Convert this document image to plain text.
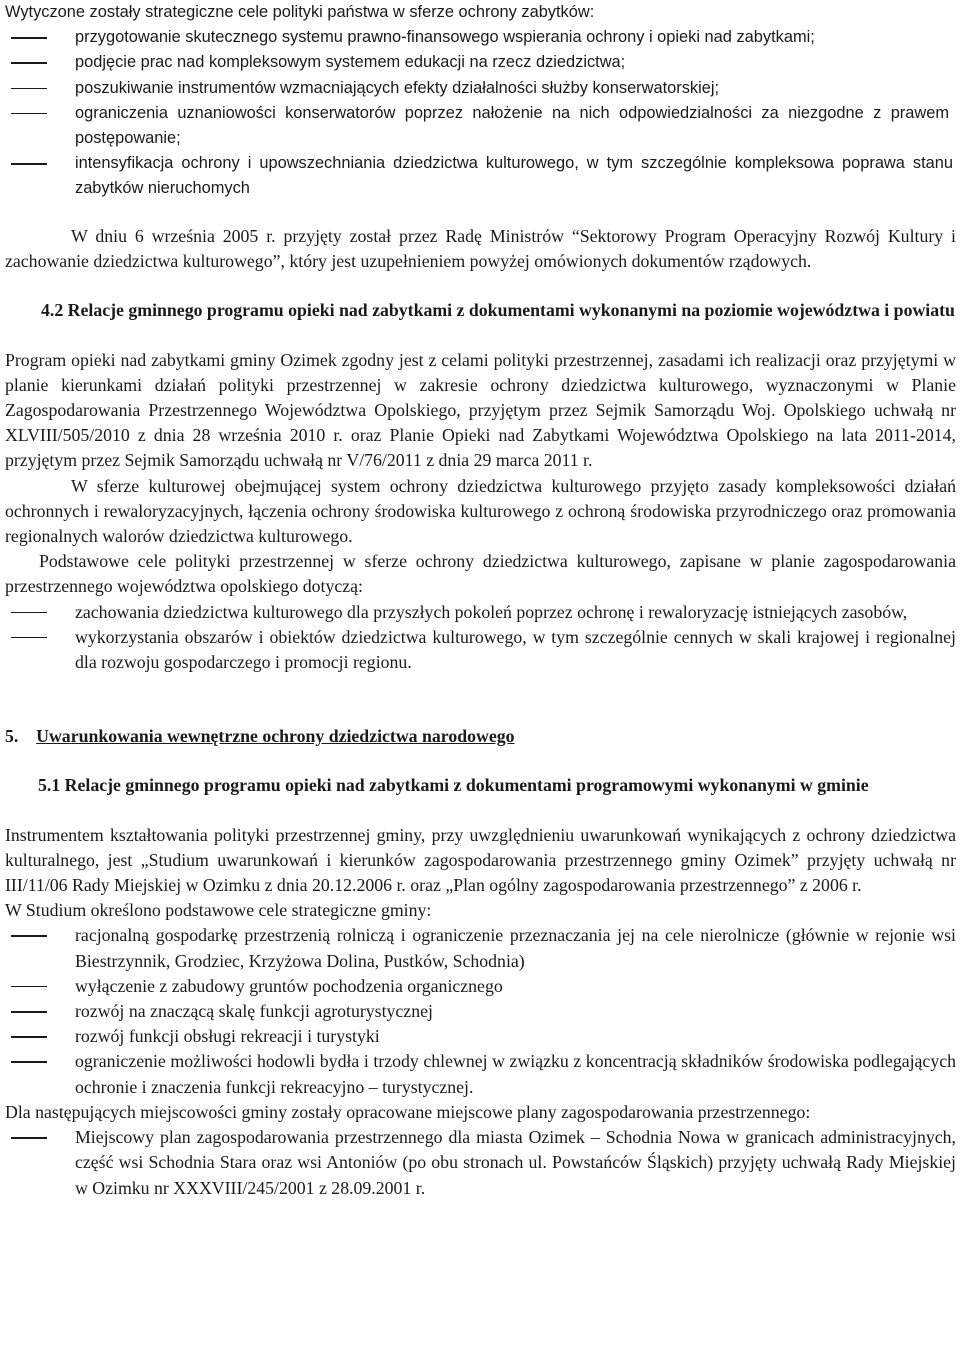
Wytyczone zostały strategiczne cele polityki państwa w sferze ochrony zabytków:

przygotowanie skutecznego systemu prawno-finansowego wspierania ochrony i opieki nad zabytkami;
podjęcie prac nad kompleksowym systemem edukacji na rzecz dziedzictwa;
poszukiwanie instrumentów wzmacniających efekty działalności służby konserwatorskiej;
ograniczenia uznaniowości konserwatorów poprzez nałożenie na nich odpowiedzialności za niezgodne z prawem postępowanie;
intensyfikacja ochrony i upowszechniania dziedzictwa kulturowego, w tym szczególnie kompleksowa poprawa stanu zabytków nieruchomych

W dniu 6 września 2005 r. przyjęty został przez Radę Ministrów “Sektorowy Program Operacyjny Rozwój Kultury i zachowanie dziedzictwa kulturowego”, który jest uzupełnieniem powyżej omówionych dokumentów rządowych.

4.2 Relacje gminnego programu opieki nad zabytkami z dokumentami wykonanymi na poziomie województwa i powiatu

Program opieki nad zabytkami gminy Ozimek zgodny jest z celami polityki przestrzennej, zasadami ich realizacji oraz przyjętymi w planie kierunkami działań polityki przestrzennej w zakresie ochrony dziedzictwa kulturowego, wyznaczonymi w Planie Zagospodarowania Przestrzennego Województwa Opolskiego, przyjętym przez Sejmik Samorządu Woj. Opolskiego uchwałą nr XLVIII/505/2010 z dnia 28 września 2010 r. oraz Planie Opieki nad Zabytkami Województwa Opolskiego na lata 2011-2014, przyjętym przez Sejmik Samorządu uchwałą nr V/76/2011 z dnia 29 marca 2011 r.

W sferze kulturowej obejmującej system ochrony dziedzictwa kulturowego przyjęto zasady kompleksowości działań ochronnych i rewaloryzacyjnych, łączenia ochrony środowiska kulturowego z ochroną środowiska przyrodniczego oraz promowania regionalnych walorów dziedzictwa kulturowego.

Podstawowe cele polityki przestrzennej w sferze ochrony dziedzictwa kulturowego, zapisane w planie zagospodarowania przestrzennego województwa opolskiego dotyczą:

zachowania dziedzictwa kulturowego dla przyszłych pokoleń poprzez ochronę i rewaloryzację istniejących zasobów,
wykorzystania obszarów i obiektów dziedzictwa kulturowego, w tym szczególnie cennych w skali krajowej i regionalnej dla rozwoju gospodarczego i promocji regionu.

5. Uwarunkowania wewnętrzne ochrony dziedzictwa narodowego

5.1 Relacje gminnego programu opieki nad zabytkami z dokumentami programowymi wykonanymi w gminie

Instrumentem kształtowania polityki przestrzennej gminy, przy uwzględnieniu uwarunkowań wynikających z ochrony dziedzictwa kulturalnego, jest „Studium uwarunkowań i kierunków zagospodarowania przestrzennego gminy Ozimek” przyjęty uchwałą nr III/11/06 Rady Miejskiej w Ozimku z dnia 20.12.2006 r. oraz „Plan ogólny zagospodarowania przestrzennego” z 2006 r.

W Studium określono podstawowe cele strategiczne gminy:

racjonalną gospodarkę przestrzenią rolniczą i ograniczenie przeznaczania jej na cele nierolnicze (głównie w rejonie wsi Biestrzynnik, Grodziec, Krzyżowa Dolina, Pustków, Schodnia)
wyłączenie z zabudowy gruntów pochodzenia organicznego
rozwój na znaczącą skalę funkcji agroturystycznej
rozwój funkcji obsługi rekreacji i turystyki
ograniczenie możliwości hodowli bydła i trzody chlewnej w związku z koncentracją składników środowiska podlegających ochronie i znaczenia funkcji rekreacyjno – turystycznej.

Dla następujących miejscowości gminy zostały opracowane miejscowe plany zagospodarowania przestrzennego:

Miejscowy plan zagospodarowania przestrzennego dla miasta Ozimek – Schodnia Nowa w granicach administracyjnych, część wsi Schodnia Stara oraz wsi Antoniów (po obu stronach ul. Powstańców Śląskich) przyjęty uchwałą Rady Miejskiej w Ozimku nr XXXVIII/245/2001 z 28.09.2001 r.
